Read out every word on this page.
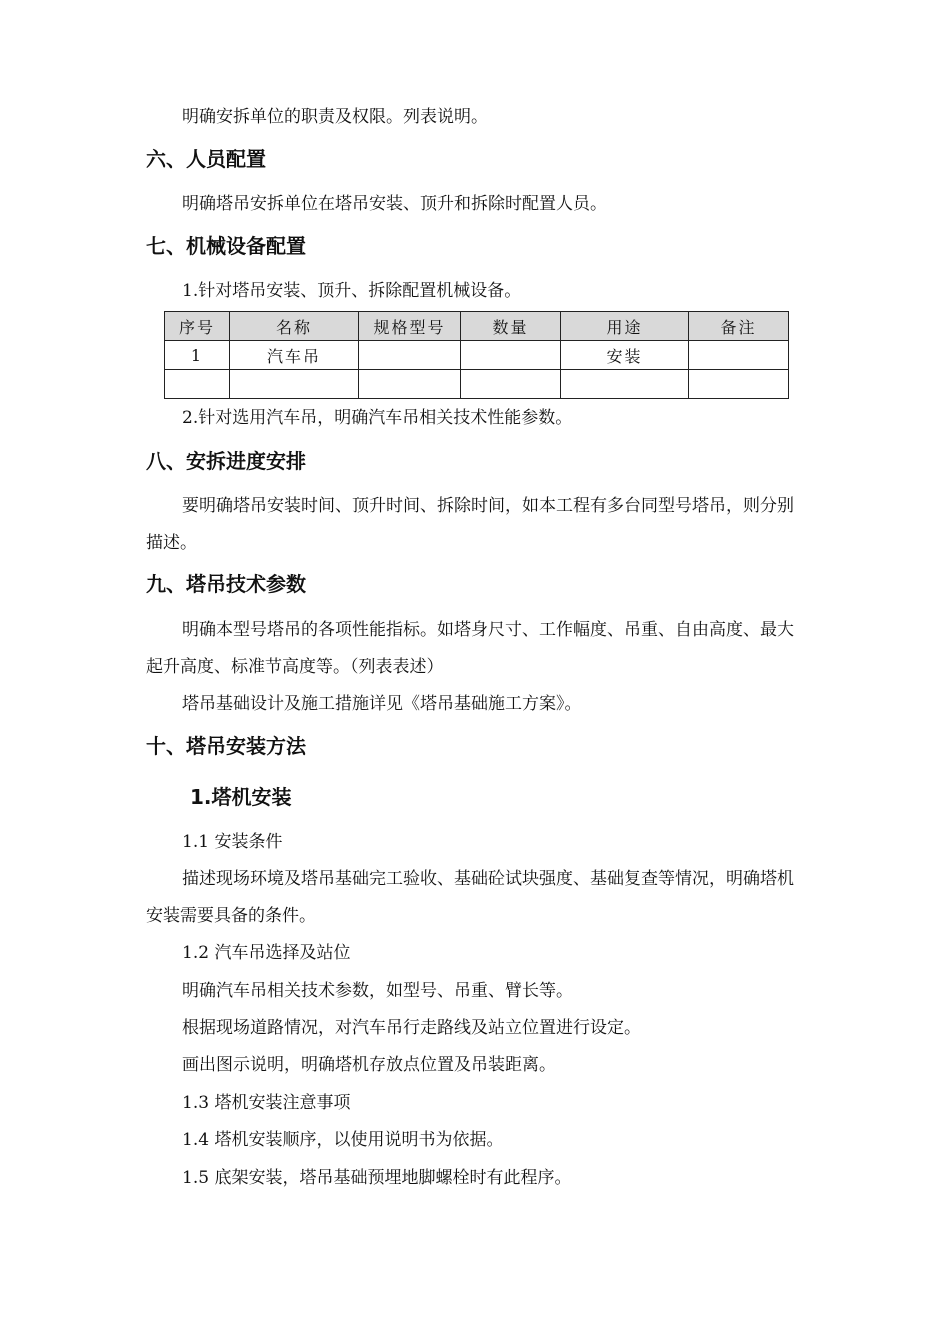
明确安拆单位的职责及权限。列表说明。

六、人员配置

明确塔吊安拆单位在塔吊安装、顶升和拆除时配置人员。

七、机械设备配置

1.针对塔吊安装、顶升、拆除配置机械设备。

序号	名称	规格型号	数量	用途	备注
1	汽车吊			安装	

2.针对选用汽车吊，明确汽车吊相关技术性能参数。

八、安拆进度安排

要明确塔吊安装时间、顶升时间、拆除时间，如本工程有多台同型号塔吊，则分别描述。

九、塔吊技术参数

明确本型号塔吊的各项性能指标。如塔身尺寸、工作幅度、吊重、自由高度、最大起升高度、标准节高度等。（列表表述）

塔吊基础设计及施工措施详见《塔吊基础施工方案》。

十、塔吊安装方法
1.塔机安装

1.1 安装条件

描述现场环境及塔吊基础完工验收、基础砼试块强度、基础复查等情况，明确塔机安装需要具备的条件。

1.2 汽车吊选择及站位

明确汽车吊相关技术参数，如型号、吊重、臂长等。

根据现场道路情况，对汽车吊行走路线及站立位置进行设定。

画出图示说明，明确塔机存放点位置及吊装距离。

1.3 塔机安装注意事项

1.4 塔机安装顺序，以使用说明书为依据。

1.5 底架安装，塔吊基础预埋地脚螺栓时有此程序。
